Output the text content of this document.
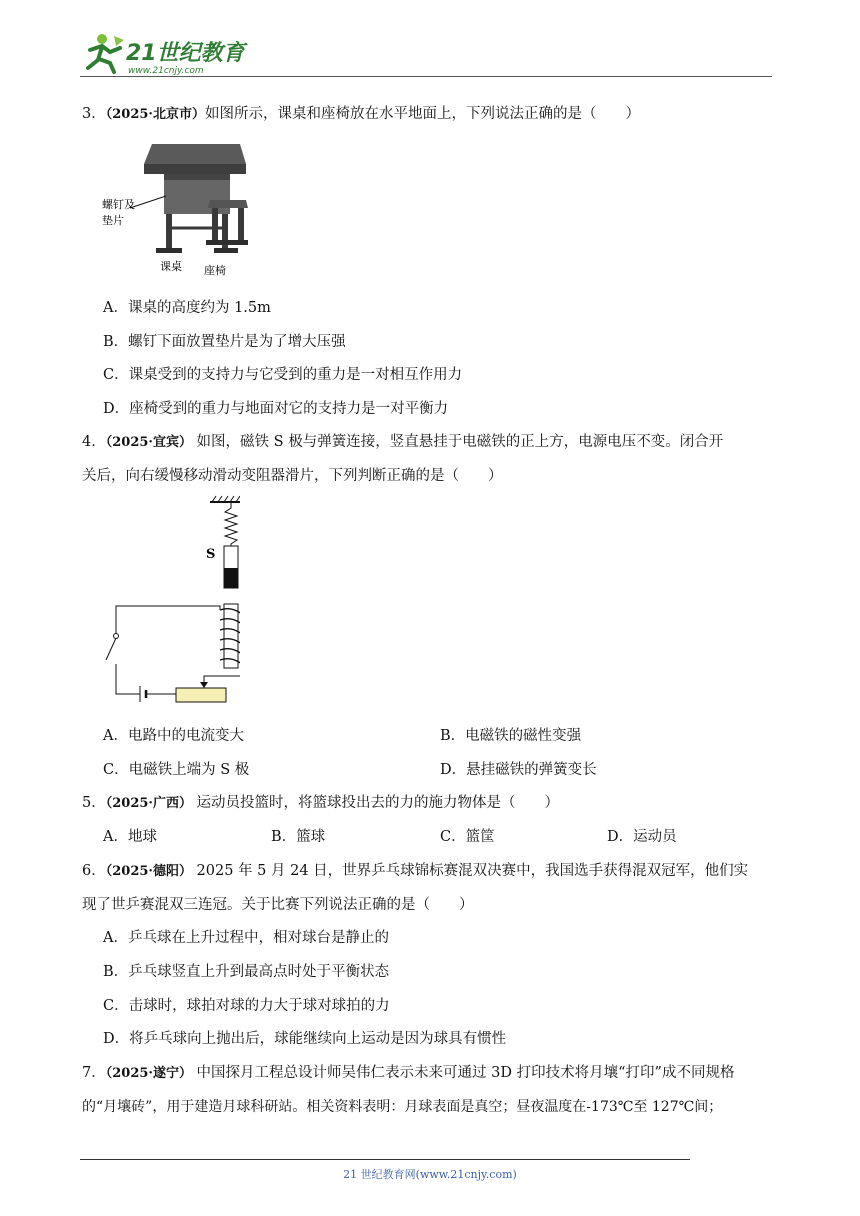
21世纪教育
www.21cnjy.com
3．（2025·北京市）如图所示，课桌和座椅放在水平地面上，下列说法正确的是（　　）
螺钉及
垫片
课桌 座椅
A．课桌的高度约为 1.5m
B．螺钉下面放置垫片是为了增大压强
C．课桌受到的支持力与它受到的重力是一对相互作用力
D．座椅受到的重力与地面对它的支持力是一对平衡力
4．（2025·宜宾） 如图，磁铁 S 极与弹簧连接，竖直悬挂于电磁铁的正上方，电源电压不变。闭合开
关后，向右缓慢移动滑动变阻器滑片，下列判断正确的是（　　）
S
A．电路中的电流变大	B．电磁铁的磁性变强
C．电磁铁上端为 S 极	D．悬挂磁铁的弹簧变长
5．（2025·广西） 运动员投篮时，将篮球投出去的力的施力物体是（　　）
A．地球	B．篮球	C．篮筐	D．运动员
6．（2025·德阳） 2025 年 5 月 24 日，世界乒乓球锦标赛混双决赛中，我国选手获得混双冠军，他们实
现了世乒赛混双三连冠。关于比赛下列说法正确的是（　　）
A．乒乓球在上升过程中，相对球台是静止的
B．乒乓球竖直上升到最高点时处于平衡状态
C．击球时，球拍对球的力大于球对球拍的力
D．将乒乓球向上抛出后，球能继续向上运动是因为球具有惯性
7．（2025·遂宁） 中国探月工程总设计师吴伟仁表示未来可通过 3D 打印技术将月壤“打印”成不同规格
的“月壤砖”，用于建造月球科研站。相关资料表明：月球表面是真空；昼夜温度在-173℃至 127℃间；
21 世纪教育网(www.21cnjy.com)
